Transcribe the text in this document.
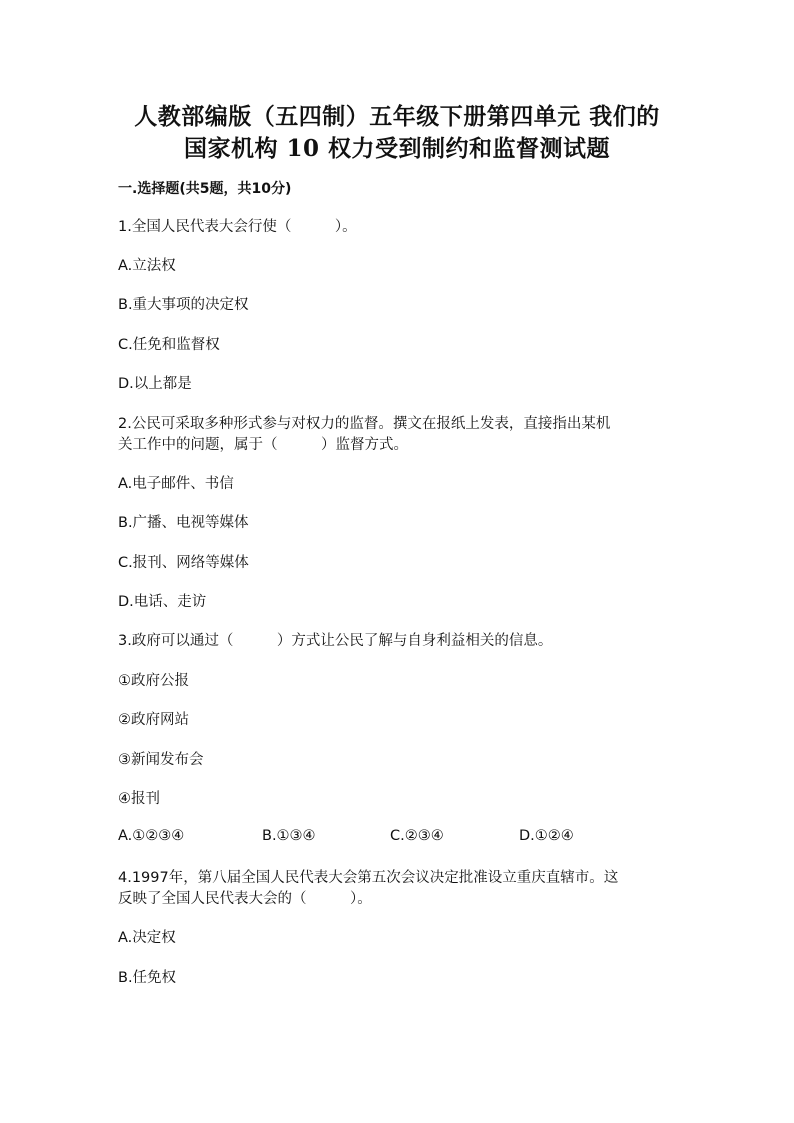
人教部编版（五四制）五年级下册第四单元 我们的
国家机构 10 权力受到制约和监督测试题
一.选择题(共5题，共10分)
1.全国人民代表大会行使（　　　）。
A.立法权
B.重大事项的决定权
C.任免和监督权
D.以上都是
2.公民可采取多种形式参与对权力的监督。撰文在报纸上发表，直接指出某机
关工作中的问题，属于（　　　）监督方式。
A.电子邮件、书信
B.广播、电视等媒体
C.报刊、网络等媒体
D.电话、走访
3.政府可以通过（　　　）方式让公民了解与自身利益相关的信息。
①政府公报
②政府网站
③新闻发布会
④报刊
A.①②③④	B.①③④	C.②③④	D.①②④
4.1997年，第八届全国人民代表大会第五次会议决定批准设立重庆直辖市。这
反映了全国人民代表大会的（　　　）。
A.决定权
B.任免权
